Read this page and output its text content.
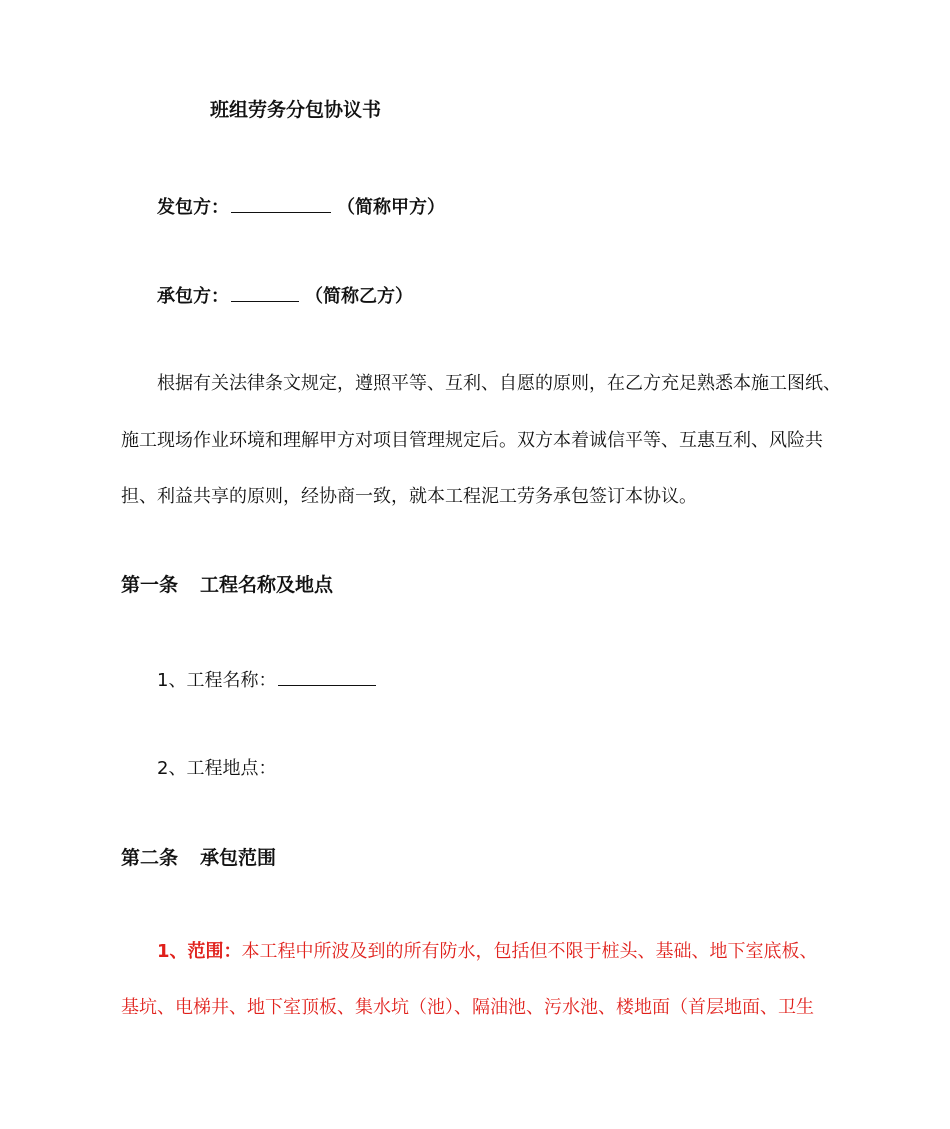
班组劳务分包协议书
发包方：	（简称甲方）
承包方：	（简称乙方）
根据有关法律条文规定，遵照平等、互利、自愿的原则，在乙方充足熟悉本施工图纸、
施工现场作业环境和理解甲方对项目管理规定后。双方本着诚信平等、互惠互利、风险共
担、利益共享的原则，经协商一致，就本工程泥工劳务承包签订本协议。
第一条 工程名称及地点
1、工程名称：
2、工程地点：
第二条 承包范围
1、范围：本工程中所波及到的所有防水，包括但不限于桩头、基础、地下室底板、
基坑、电梯井、地下室顶板、集水坑（池）、隔油池、污水池、楼地面（首层地面、卫生
